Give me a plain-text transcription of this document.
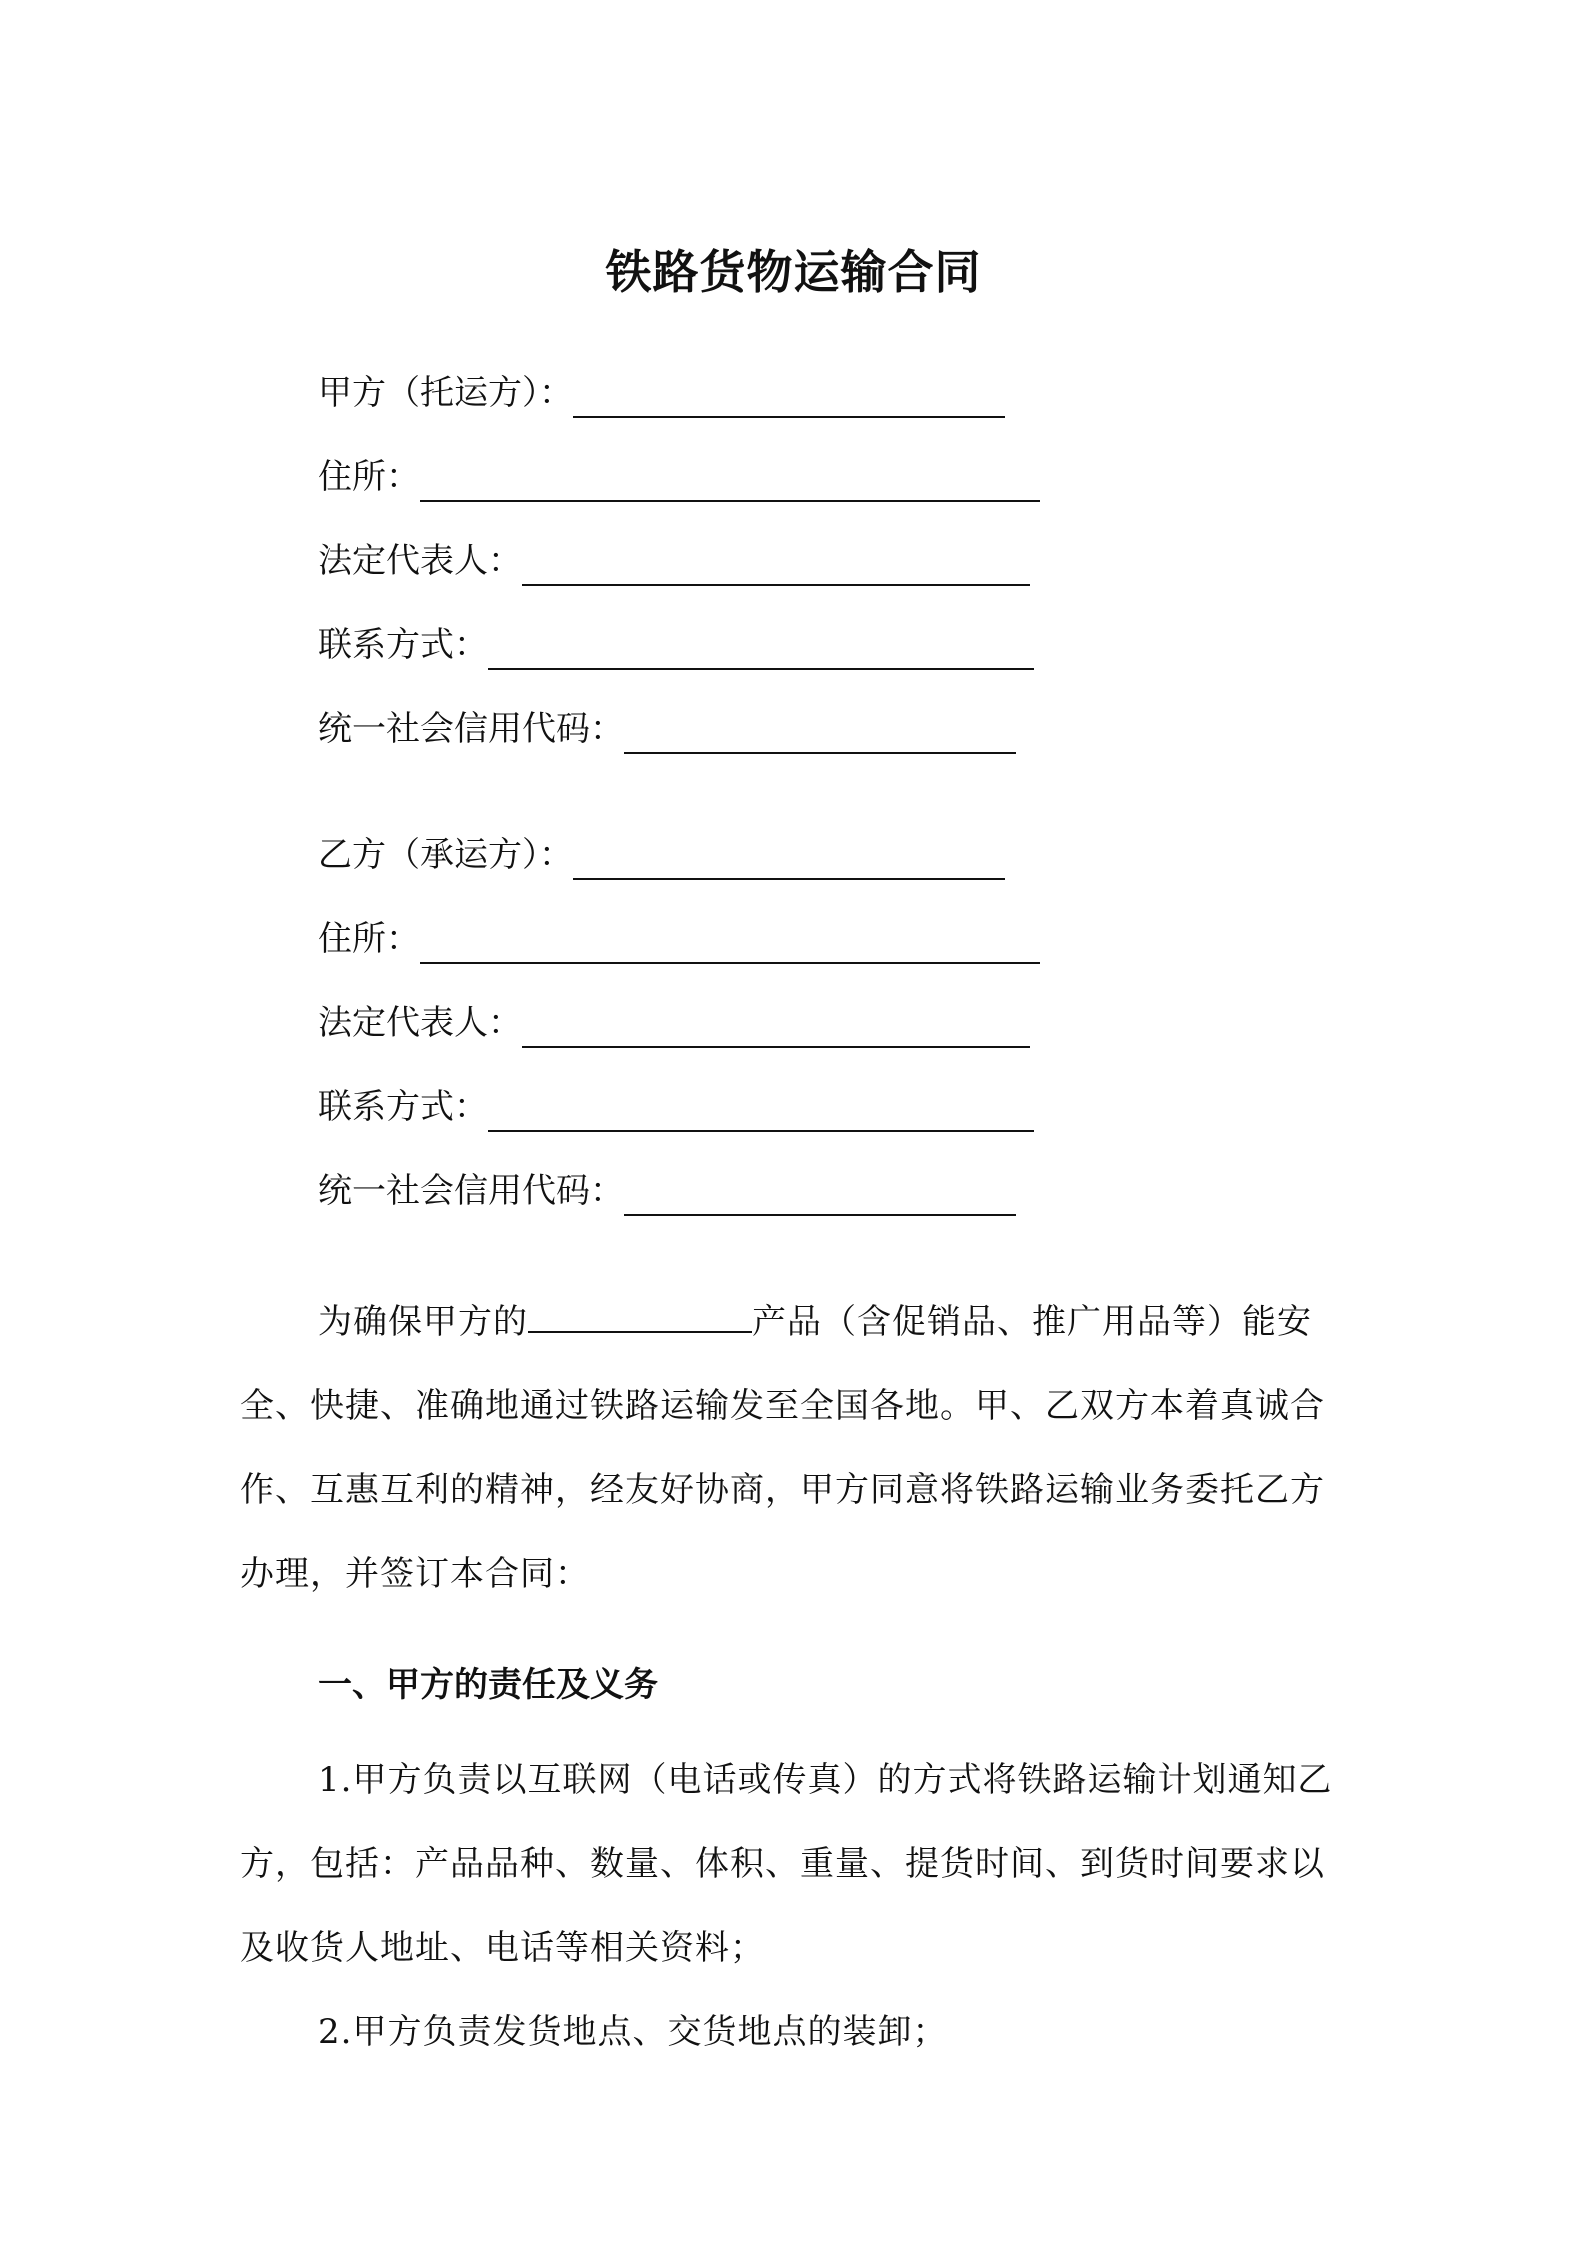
铁路货物运输合同
甲方（托运方）：
住所：
法定代表人：
联系方式：
统一社会信用代码：
乙方（承运方）：
住所：
法定代表人：
联系方式：
统一社会信用代码：
为确保甲方的	产品（含促销品、推广用品等）能安全、快捷、准确地通过铁路运输发至全国各地。甲、乙双方本着真诚合作、互惠互利的精神，经友好协商，甲方同意将铁路运输业务委托乙方办理，并签订本合同：
一、甲方的责任及义务
1.甲方负责以互联网（电话或传真）的方式将铁路运输计划通知乙方，包括：产品品种、数量、体积、重量、提货时间、到货时间要求以及收货人地址、电话等相关资料；
2.甲方负责发货地点、交货地点的装卸；
